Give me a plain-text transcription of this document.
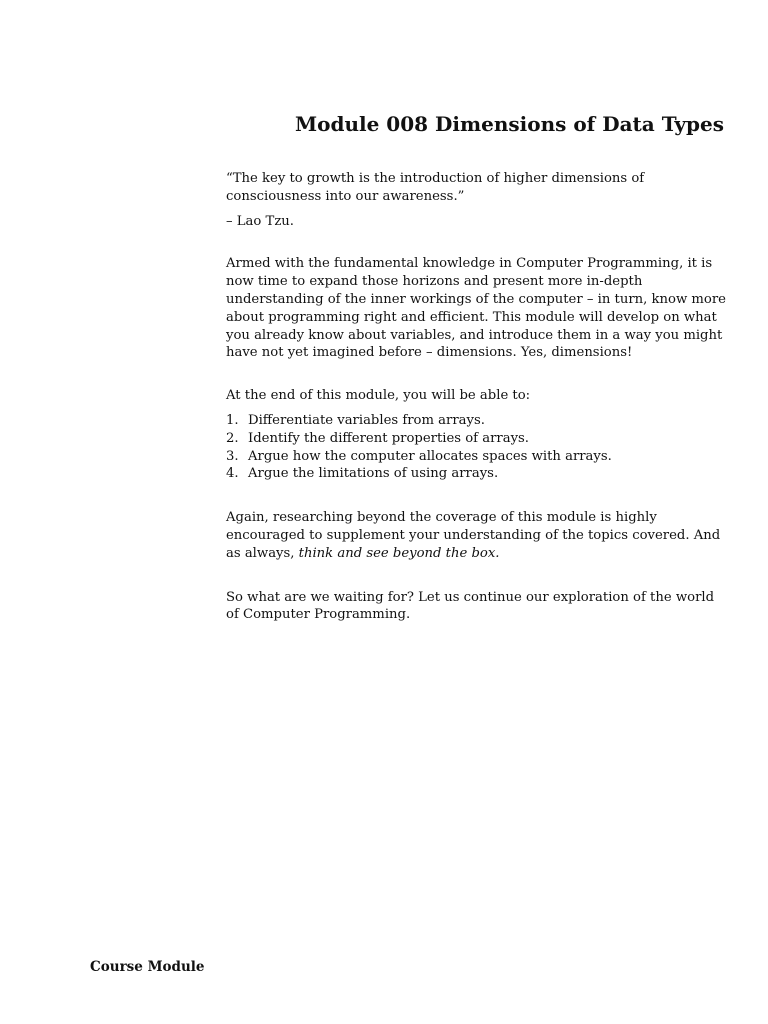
Module 008 Dimensions of Data Types

“The key to growth is the introduction of higher dimensions of consciousness into our awareness.”

– Lao Tzu.

Armed with the fundamental knowledge in Computer Programming, it is now time to expand those horizons and present more in-depth understanding of the inner workings of the computer – in turn, know more about programming right and efficient. This module will develop on what you already know about variables, and introduce them in a way you might have not yet imagined before – dimensions. Yes, dimensions!

At the end of this module, you will be able to:

1. Differentiate variables from arrays.
2. Identify the different properties of arrays.
3. Argue how the computer allocates spaces with arrays.
4. Argue the limitations of using arrays.

Again, researching beyond the coverage of this module is highly encouraged to supplement your understanding of the topics covered. And as always, think and see beyond the box.

So what are we waiting for? Let us continue our exploration of the world of Computer Programming.

Course Module
